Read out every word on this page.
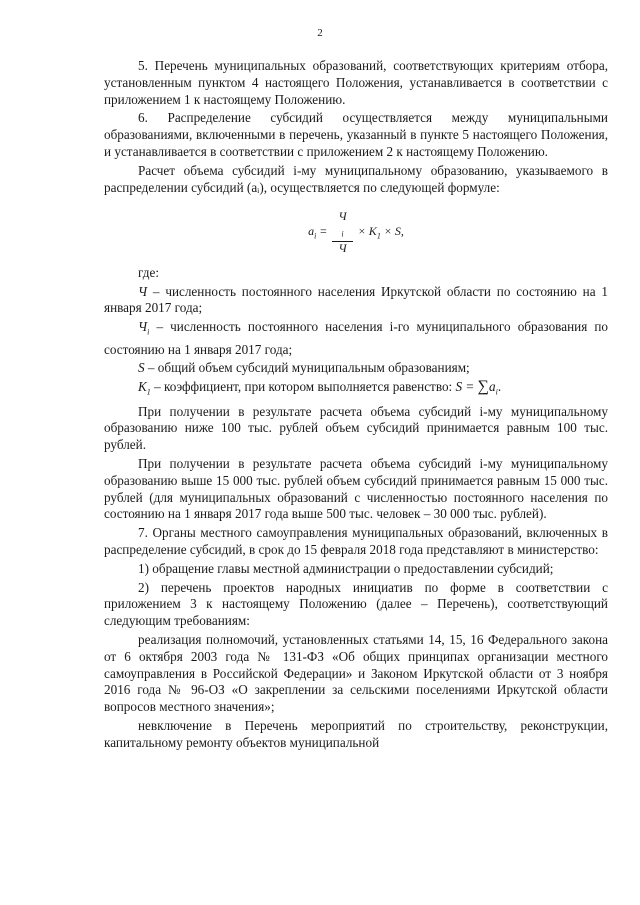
2

5. Перечень муниципальных образований, соответствующих критериям отбора, установленным пунктом 4 настоящего Положения, устанавливается в соответствии с приложением 1 к настоящему Положению.

6. Распределение субсидий осуществляется между муниципальными образованиями, включенными в перечень, указанный в пункте 5 настоящего Положения, и устанавливается в соответствии с приложением 2 к настоящему Положению.

Расчет объема субсидий i-му муниципальному образованию, указываемого в распределении субсидий (aᵢ), осуществляется по следующей формуле:

$a_i = Ч$
$_i$
$Ч \times K_1 \times S$,

где:

Ч – численность постоянного населения Иркутской области по состоянию на 1 января 2017 года;

$Ч_i$ – численность постоянного населения i-го муниципального образования по состоянию на 1 января 2017 года;

S – общий объем субсидий муниципальным образованиям;

$K_1$ – коэффициент, при котором выполняется равенство: $S = \sum a_i$.

При получении в результате расчета объема субсидий i-му муниципальному образованию ниже 100 тыс. рублей объем субсидий принимается равным 100 тыс. рублей.

При получении в результате расчета объема субсидий i-му муниципальному образованию выше 15 000 тыс. рублей объем субсидий принимается равным 15 000 тыс. рублей (для муниципальных образований с численностью постоянного населения по состоянию на 1 января 2017 года выше 500 тыс. человек – 30 000 тыс. рублей).

7. Органы местного самоуправления муниципальных образований, включенных в распределение субсидий, в срок до 15 февраля 2018 года представляют в министерство:

1) обращение главы местной администрации о предоставлении субсидий;

2) перечень проектов народных инициатив по форме в соответствии с приложением 3 к настоящему Положению (далее – Перечень), соответствующий следующим требованиям:

реализация полномочий, установленных статьями 14, 15, 16 Федерального закона от 6 октября 2003 года № 131-ФЗ «Об общих принципах организации местного самоуправления в Российской Федерации» и Законом Иркутской области от 3 ноября 2016 года № 96-ОЗ «О закреплении за сельскими поселениями Иркутской области вопросов местного значения»;

невключение в Перечень мероприятий по строительству, реконструкции, капитальному ремонту объектов муниципальной
